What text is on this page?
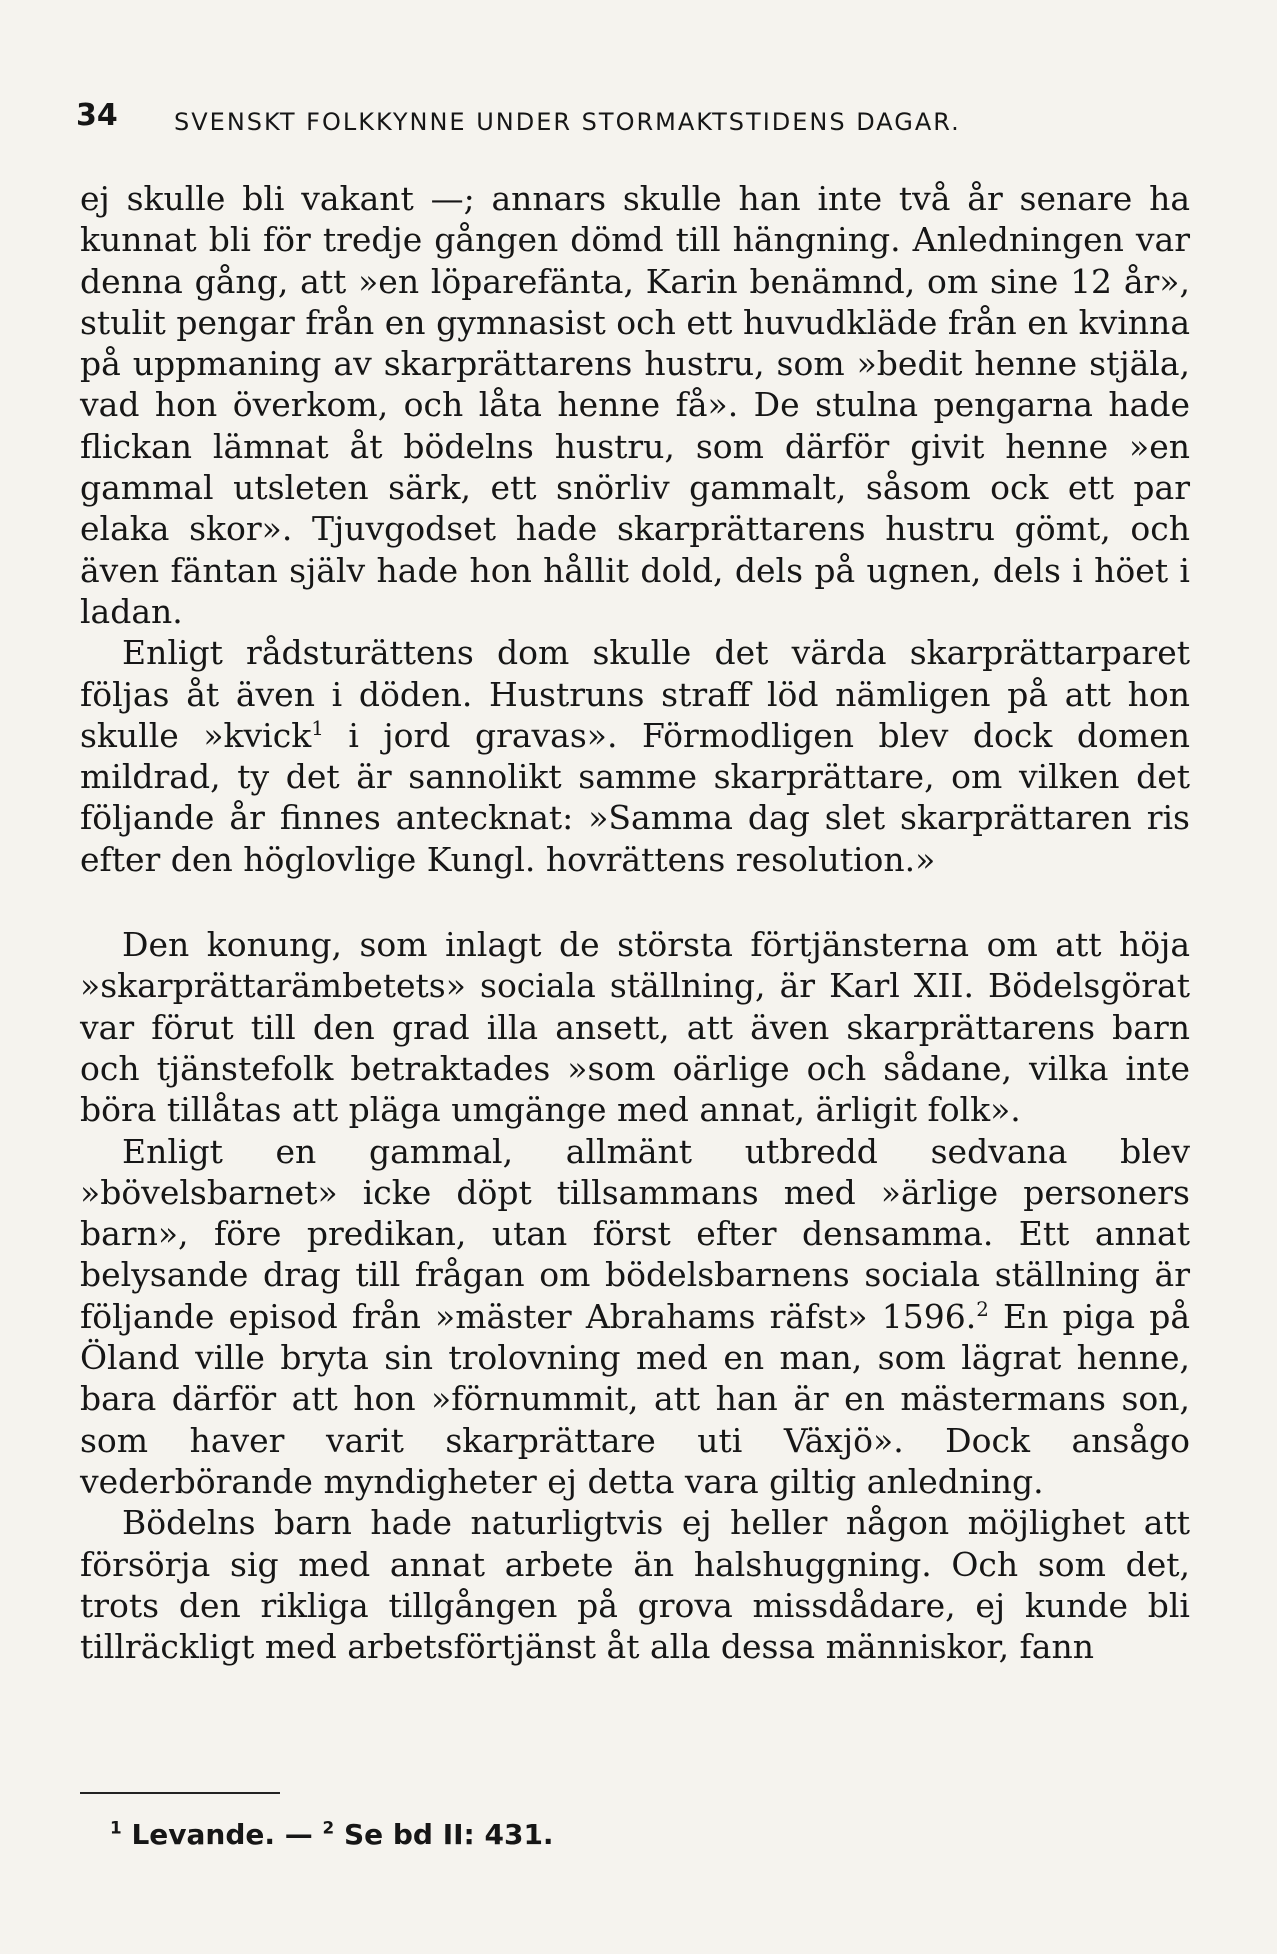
34 SVENSKT FOLKKYNNE UNDER STORMAKTSTIDENS DAGAR.

ej skulle bli vakant —; annars skulle han inte två år senare ha kunnat bli för tredje gången dömd till hängning. Anledningen var denna gång, att »en löparefänta, Karin benämnd, om sine 12 år», stulit pengar från en gymnasist och ett huvudkläde från en kvinna på uppmaning av skarprättarens hustru, som »bedit henne stjäla, vad hon överkom, och låta henne få». De stulna pengarna hade flickan lämnat åt bödelns hustru, som därför givit henne »en gammal utsleten särk, ett snörliv gammalt, såsom ock ett par elaka skor». Tjuvgodset hade skarprättarens hustru gömt, och även fäntan själv hade hon hållit dold, dels på ugnen, dels i höet i ladan.

Enligt rådsturättens dom skulle det värda skarprättarparet följas åt även i döden. Hustruns straff löd nämligen på att hon skulle »kvick$^1$ i jord gravas». Förmodligen blev dock domen mildrad, ty det är sannolikt samme skarprättare, om vilken det följande år finnes antecknat: »Samma dag slet skarprättaren ris efter den höglovlige Kungl. hovrättens resolution.»

Den konung, som inlagt de största förtjänsterna om att höja »skarprättarämbetets» sociala ställning, är Karl XII. Bödelsgörat var förut till den grad illa ansett, att även skarprättarens barn och tjänstefolk betraktades »som oärlige och sådane, vilka inte böra tillåtas att pläga umgänge med annat, ärligit folk».

Enligt en gammal, allmänt utbredd sedvana blev »bövelsbarnet» icke döpt tillsammans med »ärlige personers barn», före predikan, utan först efter densamma. Ett annat belysande drag till frågan om bödelsbarnens sociala ställning är följande episod från »mäster Abrahams räfst» 1596.$^2$ En piga på Öland ville bryta sin trolovning med en man, som lägrat henne, bara därför att hon »förnummit, att han är en mästermans son, som haver varit skarprättare uti Växjö». Dock ansågo vederbörande myndigheter ej detta vara giltig anledning.

Bödelns barn hade naturligtvis ej heller någon möjlighet att försörja sig med annat arbete än halshuggning. Och som det, trots den rikliga tillgången på grova missdådare, ej kunde bli tillräckligt med arbetsförtjänst åt alla dessa människor, fann

$^1$ Levande. — $^2$ Se bd II: 431.
